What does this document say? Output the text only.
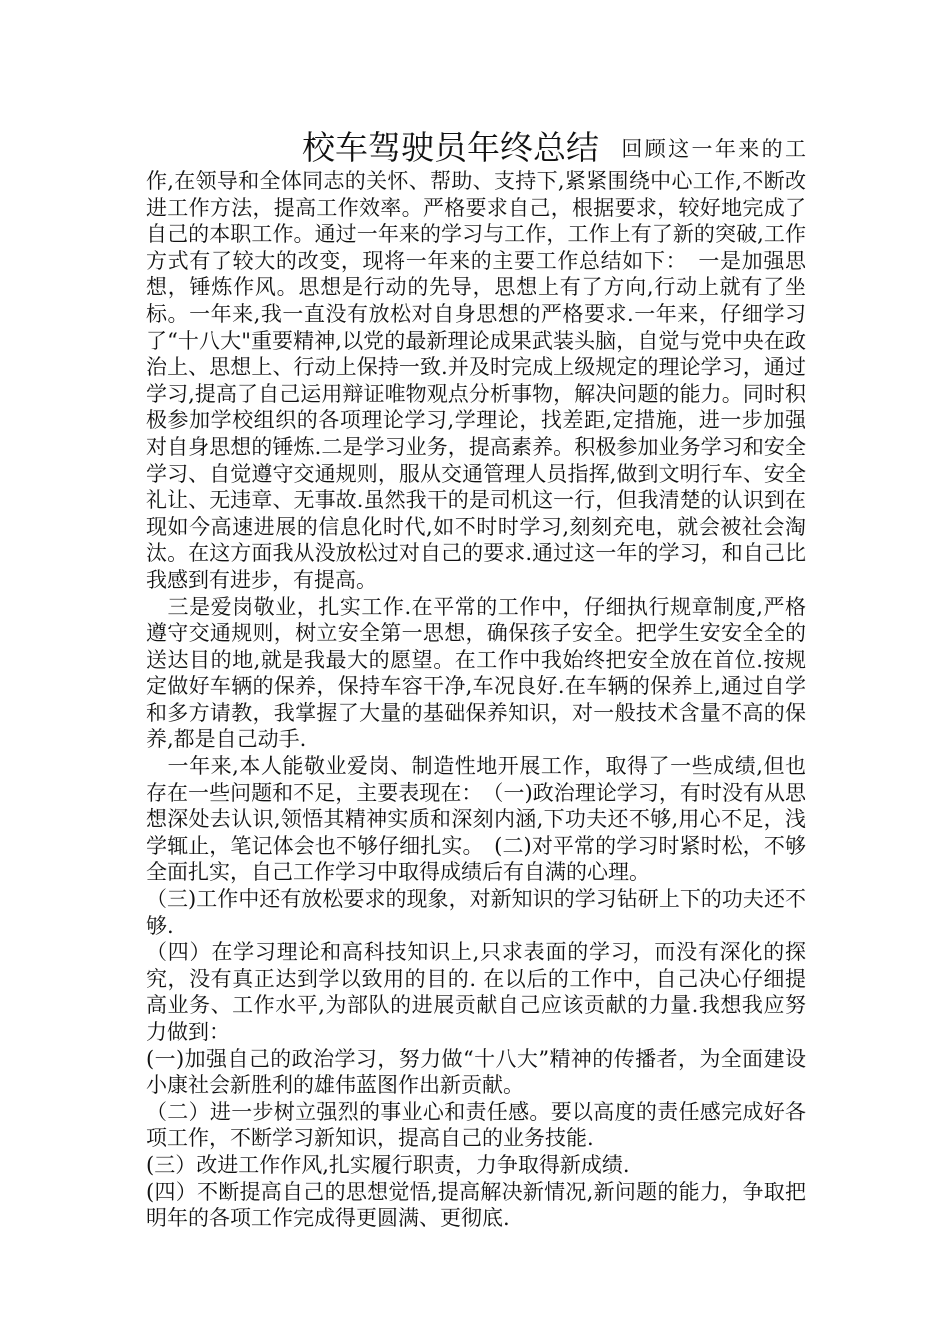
校车驾驶员年终总结 回顾这一年来的工作,在领导和全体同志的关怀、帮助、支持下,紧紧围绕中心工作,不断改进工作方法，提高工作效率。严格要求自己，根据要求，较好地完成了自己的本职工作。通过一年来的学习与工作，工作上有了新的突破,工作方式有了较大的改变，现将一年来的主要工作总结如下：　一是加强思想，锤炼作风。思想是行动的先导，思想上有了方向,行动上就有了坐标。一年来,我一直没有放松对自身思想的严格要求.一年来，仔细学习了“十八大"重要精神,以党的最新理论成果武装头脑，自觉与党中央在政治上、思想上、行动上保持一致.并及时完成上级规定的理论学习，通过学习,提高了自己运用辩证唯物观点分析事物，解决问题的能力。同时积极参加学校组织的各项理论学习,学理论，找差距,定措施，进一步加强对自身思想的锤炼.二是学习业务，提高素养。积极参加业务学习和安全学习、自觉遵守交通规则，服从交通管理人员指挥,做到文明行车、安全礼让、无违章、无事故.虽然我干的是司机这一行，但我清楚的认识到在现如今高速进展的信息化时代,如不时时学习,刻刻充电，就会被社会淘汰。在这方面我从没放松过对自己的要求.通过这一年的学习，和自己比我感到有进步，有提高。

　三是爱岗敬业，扎实工作.在平常的工作中，仔细执行规章制度,严格遵守交通规则，树立安全第一思想，确保孩子安全。把学生安安全全的送达目的地,就是我最大的愿望。在工作中我始终把安全放在首位.按规定做好车辆的保养，保持车容干净,车况良好.在车辆的保养上,通过自学和多方请教，我掌握了大量的基础保养知识，对一般技术含量不高的保养,都是自己动手.

　一年来,本人能敬业爱岗、制造性地开展工作，取得了一些成绩,但也存在一些问题和不足，主要表现在：　（一)政治理论学习，有时没有从思想深处去认识,领悟其精神实质和深刻内涵,下功夫还不够,用心不足，浅学辄止，笔记体会也不够仔细扎实。　(二)对平常的学习时紧时松，不够全面扎实，自己工作学习中取得成绩后有自满的心理。

（三)工作中还有放松要求的现象，对新知识的学习钻研上下的功夫还不够.

（四）在学习理论和高科技知识上,只求表面的学习，而没有深化的探究，没有真正达到学以致用的目的. 在以后的工作中，自己决心仔细提高业务、工作水平,为部队的进展贡献自己应该贡献的力量.我想我应努力做到：

(一)加强自己的政治学习，努力做“十八大”精神的传播者，为全面建设小康社会新胜利的雄伟蓝图作出新贡献。

（二）进一步树立强烈的事业心和责任感。要以高度的责任感完成好各项工作，不断学习新知识，提高自己的业务技能.

(三）改进工作作风,扎实履行职责，力争取得新成绩.

(四）不断提高自己的思想觉悟,提高解决新情况,新问题的能力，争取把明年的各项工作完成得更圆满、更彻底.
